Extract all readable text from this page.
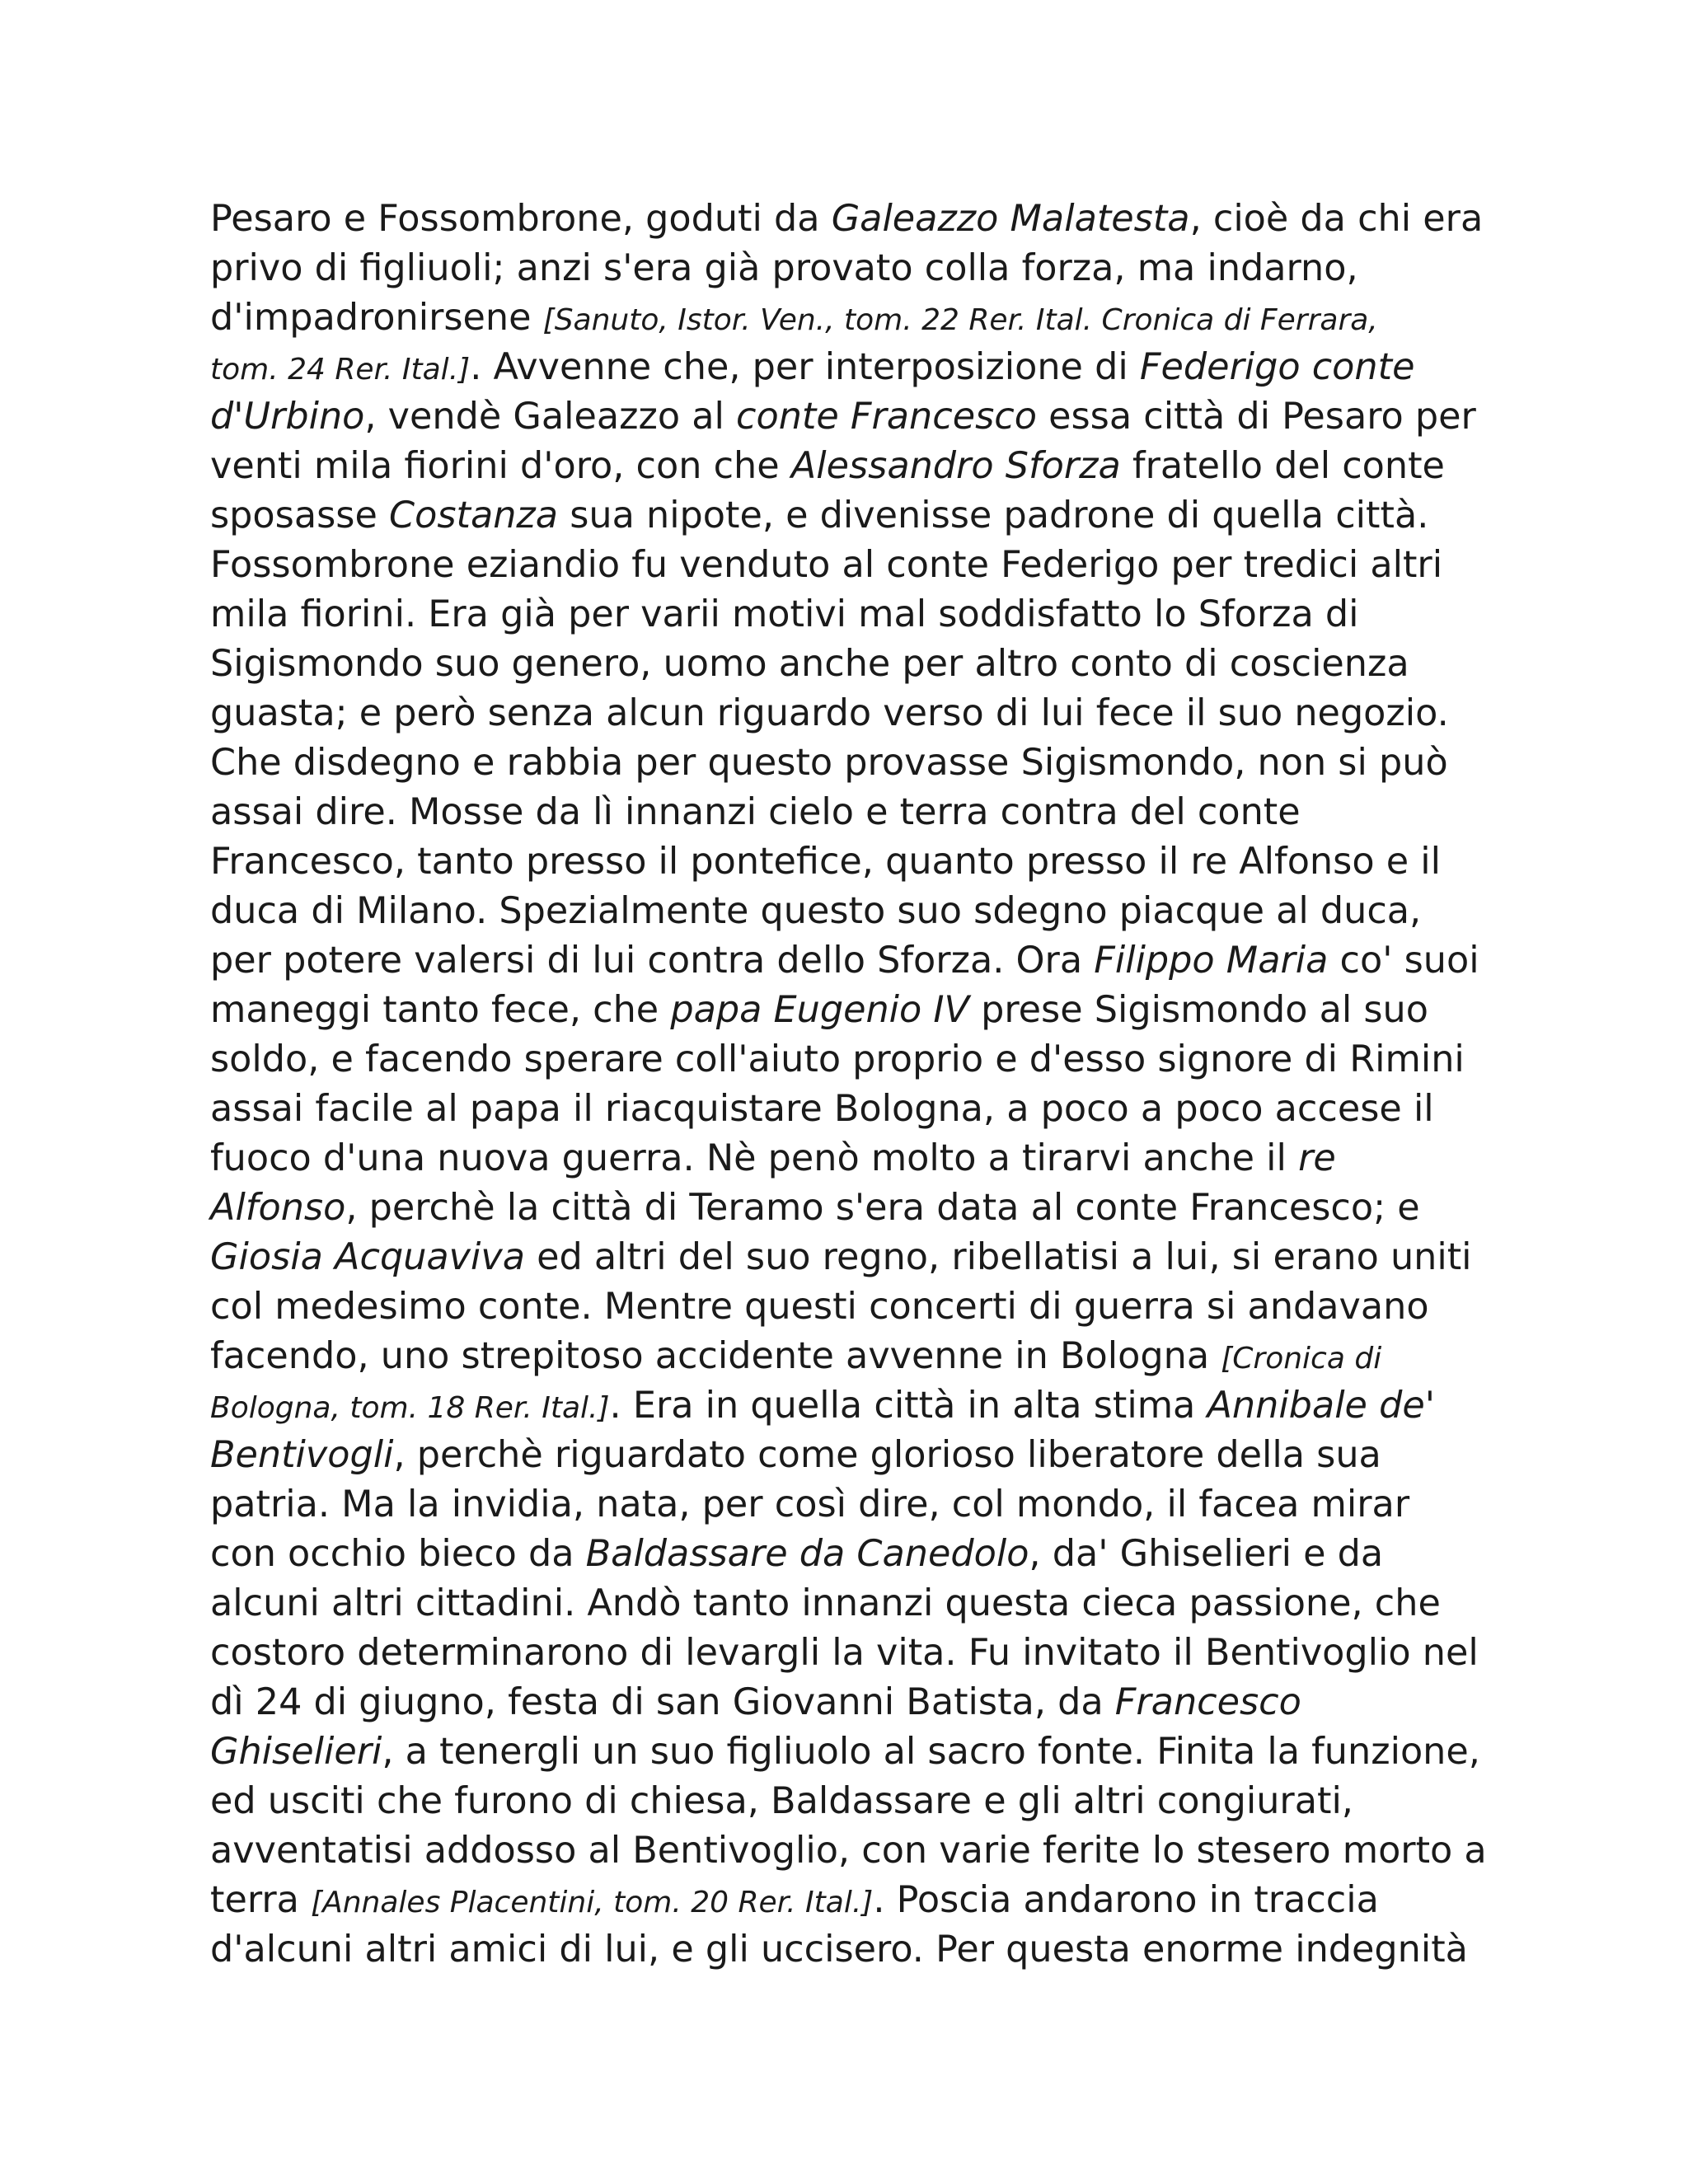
Pesaro e Fossombrone, goduti da Galeazzo Malatesta, cioè da chi era
privo di figliuoli; anzi s'era già provato colla forza, ma indarno,
d'impadronirsene [Sanuto, Istor. Ven., tom. 22 Rer. Ital. Cronica di Ferrara,
tom. 24 Rer. Ital.]. Avvenne che, per interposizione di Federigo conte
d'Urbino, vendè Galeazzo al conte Francesco essa città di Pesaro per
venti mila fiorini d'oro, con che Alessandro Sforza fratello del conte
sposasse Costanza sua nipote, e divenisse padrone di quella città.
Fossombrone eziandio fu venduto al conte Federigo per tredici altri
mila fiorini. Era già per varii motivi mal soddisfatto lo Sforza di
Sigismondo suo genero, uomo anche per altro conto di coscienza
guasta; e però senza alcun riguardo verso di lui fece il suo negozio.
Che disdegno e rabbia per questo provasse Sigismondo, non si può
assai dire. Mosse da lì innanzi cielo e terra contra del conte
Francesco, tanto presso il pontefice, quanto presso il re Alfonso e il
duca di Milano. Spezialmente questo suo sdegno piacque al duca,
per potere valersi di lui contra dello Sforza. Ora Filippo Maria co' suoi
maneggi tanto fece, che papa Eugenio IV prese Sigismondo al suo
soldo, e facendo sperare coll'aiuto proprio e d'esso signore di Rimini
assai facile al papa il riacquistare Bologna, a poco a poco accese il
fuoco d'una nuova guerra. Nè penò molto a tirarvi anche il re
Alfonso, perchè la città di Teramo s'era data al conte Francesco; e
Giosia Acquaviva ed altri del suo regno, ribellatisi a lui, si erano uniti
col medesimo conte. Mentre questi concerti di guerra si andavano
facendo, uno strepitoso accidente avvenne in Bologna [Cronica di
Bologna, tom. 18 Rer. Ital.]. Era in quella città in alta stima Annibale de'
Bentivogli, perchè riguardato come glorioso liberatore della sua
patria. Ma la invidia, nata, per così dire, col mondo, il facea mirar
con occhio bieco da Baldassare da Canedolo, da' Ghiselieri e da
alcuni altri cittadini. Andò tanto innanzi questa cieca passione, che
costoro determinarono di levargli la vita. Fu invitato il Bentivoglio nel
dì 24 di giugno, festa di san Giovanni Batista, da Francesco
Ghiselieri, a tenergli un suo figliuolo al sacro fonte. Finita la funzione,
ed usciti che furono di chiesa, Baldassare e gli altri congiurati,
avventatisi addosso al Bentivoglio, con varie ferite lo stesero morto a
terra [Annales Placentini, tom. 20 Rer. Ital.]. Poscia andarono in traccia
d'alcuni altri amici di lui, e gli uccisero. Per questa enorme indegnità
